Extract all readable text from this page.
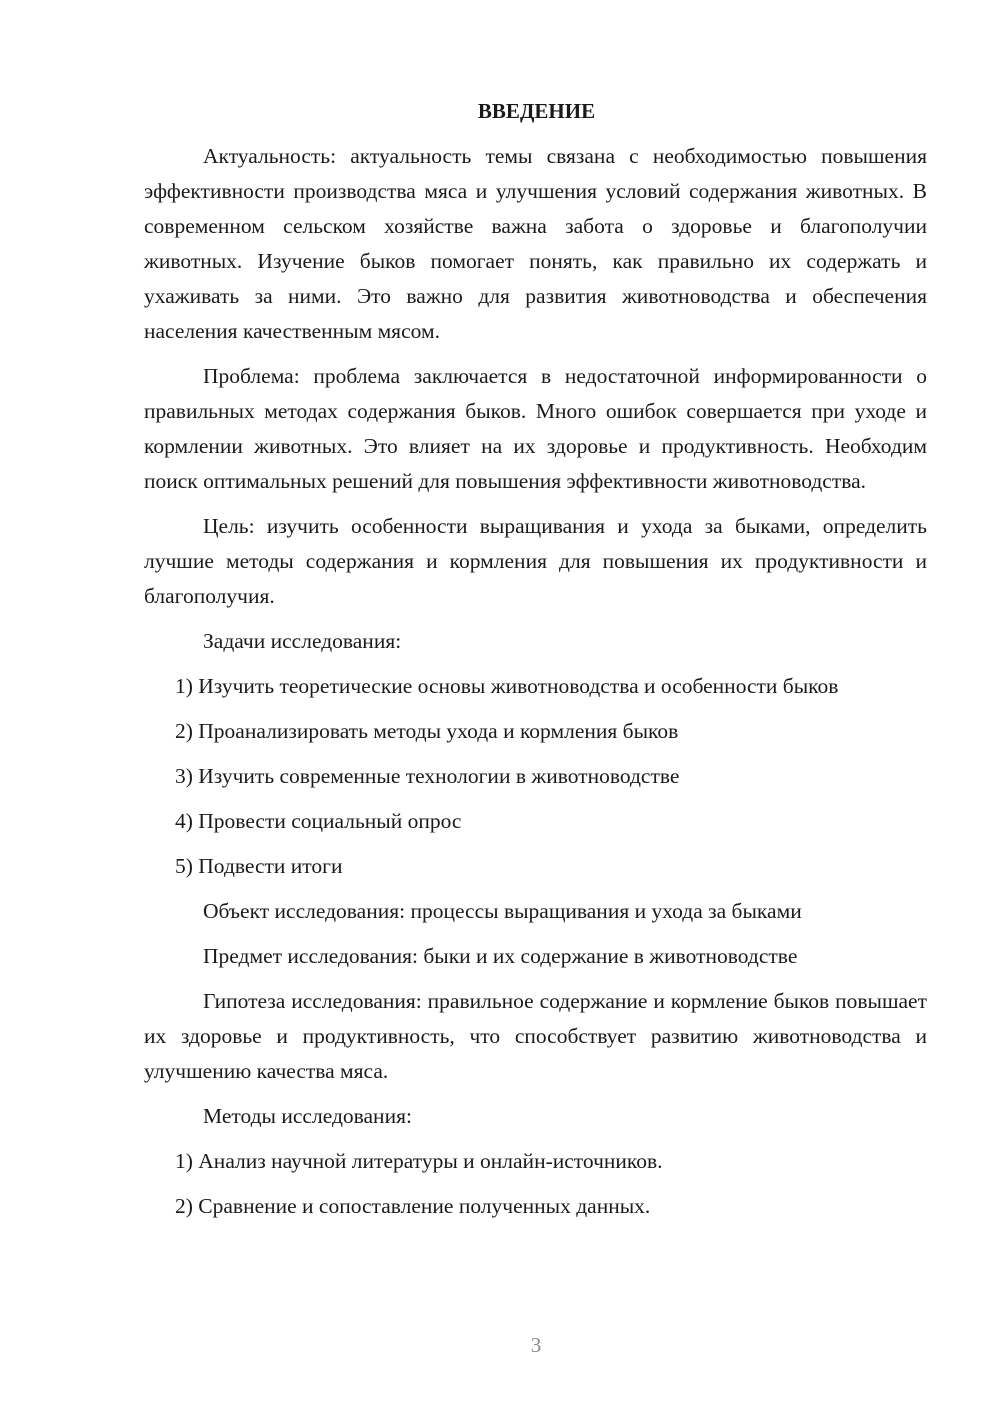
ВВЕДЕНИЕ

Актуальность: актуальность темы связана с необходимостью повышения эффективности производства мяса и улучшения условий содержания животных. В современном сельском хозяйстве важна забота о здоровье и благополучии животных. Изучение быков помогает понять, как правильно их содержать и ухаживать за ними. Это важно для развития животноводства и обеспечения населения качественным мясом.

Проблема: проблема заключается в недостаточной информированности о правильных методах содержания быков. Много ошибок совершается при уходе и кормлении животных. Это влияет на их здоровье и продуктивность. Необходим поиск оптимальных решений для повышения эффективности животноводства.

Цель: изучить особенности выращивания и ухода за быками, определить лучшие методы содержания и кормления для повышения их продуктивности и благополучия.

Задачи исследования:

1) Изучить теоретические основы животноводства и особенности быков

2) Проанализировать методы ухода и кормления быков

3) Изучить современные технологии в животноводстве

4) Провести социальный опрос

5) Подвести итоги

Объект исследования: процессы выращивания и ухода за быками

Предмет исследования: быки и их содержание в животноводстве

Гипотеза исследования: правильное содержание и кормление быков повышает их здоровье и продуктивность, что способствует развитию животноводства и улучшению качества мяса.

Методы исследования:

1) Анализ научной литературы и онлайн-источников.

2) Сравнение и сопоставление полученных данных.

3
